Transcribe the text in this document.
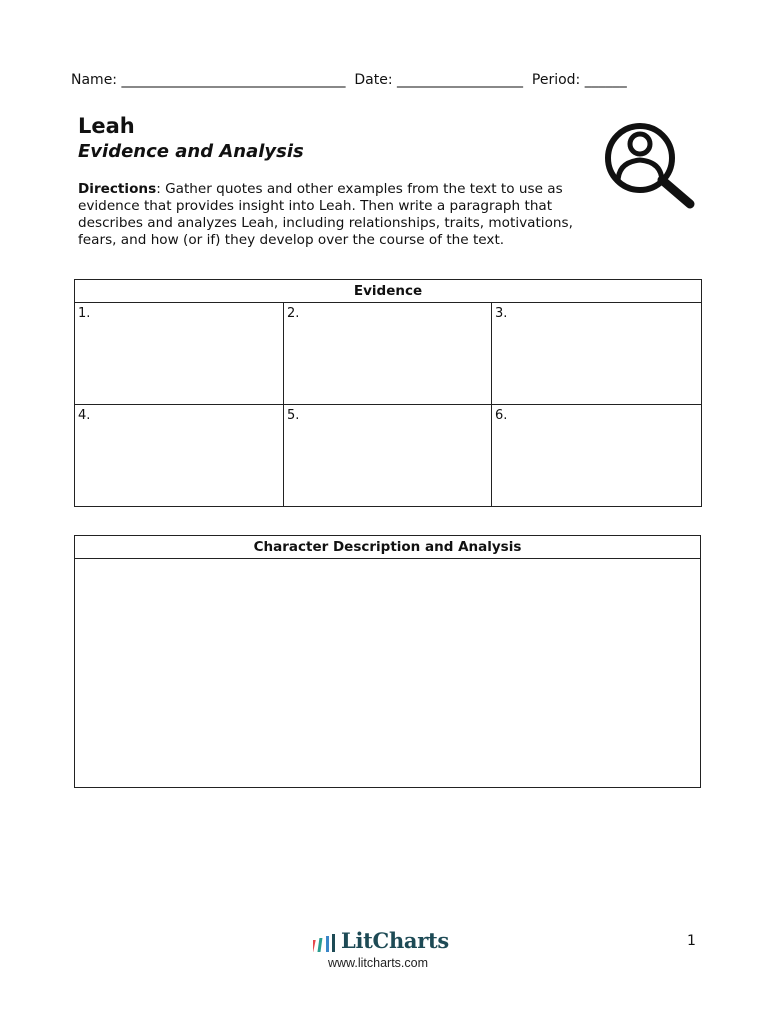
Name: ________________________________  Date: __________________  Period: ______
Leah
Evidence and Analysis
Directions: Gather quotes and other examples from the text to use as evidence that provides insight into Leah. Then write a paragraph that describes and analyzes Leah, including relationships, traits, motivations, fears, and how (or if) they develop over the course of the text.
Evidence		
1.	2.	3.
4.	5.	6.
Character Description and Analysis

LitCharts
www.litcharts.com
1
